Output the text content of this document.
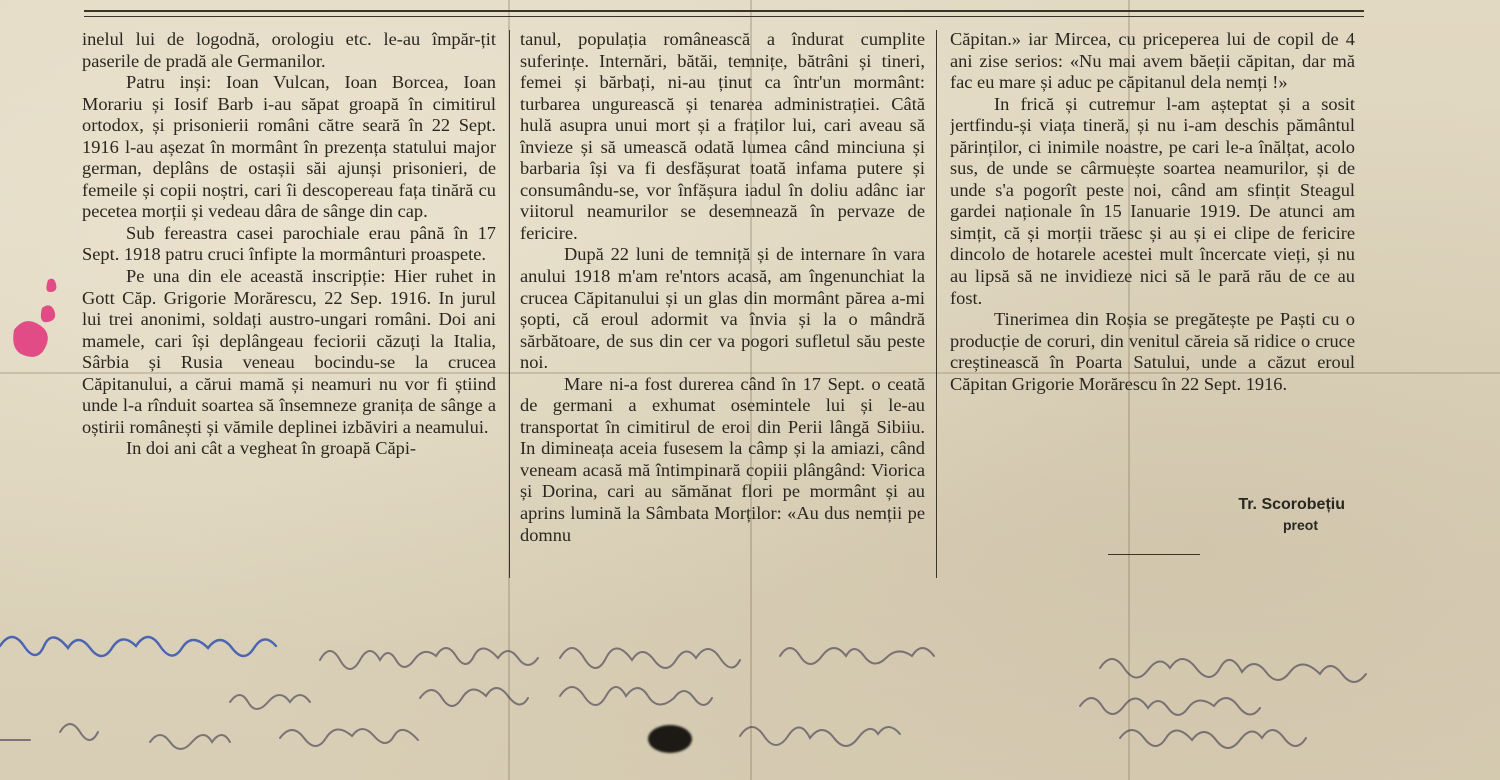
inelul lui de logodnă, orologiu etc. le-au împăr-țit paserile de pradă ale Germanilor.

Patru inși: Ioan Vulcan, Ioan Borcea, Ioan Morariu și Iosif Barb i-au săpat groapă în cimitirul ortodox, și prisonierii români către seară în 22 Sept. 1916 l-au așezat în mormânt în prezența statului major german, deplâns de ostașii săi ajunși prisonieri, de femeile și copii noștri, cari îi descopereau fața tinără cu pecetea morții și vedeau dâra de sânge din cap.

Sub fereastra casei parochiale erau până în 17 Sept. 1918 patru cruci înfipte la mormânturi proaspete.

Pe una din ele această inscripție: Hier ruhet in Gott Căp. Grigorie Morărescu, 22 Sep. 1916. In jurul lui trei anonimi, soldați austro-ungari români. Doi ani mamele, cari își deplângeau feciorii căzuți la Italia, Sârbia și Rusia veneau bocindu-se la crucea Căpitanului, a cărui mamă și neamuri nu vor fi știind unde l-a rînduit soartea să însemneze granița de sânge a oștirii românești și vămile deplinei izbăviri a neamului.

In doi ani cât a vegheat în groapă Căpi-

tanul, populația românească a îndurat cumplite suferințe. Internări, bătăi, temnițe, bătrâni și tineri, femei și bărbați, ni-au ținut ca într'un mormânt: turbarea ungurească și tenarea administrației. Câtă hulă asupra unui mort și a fraților lui, cari aveau să învieze și să umească odată lumea când minciuna și barbaria își va fi desfășurat toată infama putere și consumându-se, vor înfășura iadul în doliu adânc iar viitorul neamurilor se desemnează în pervaze de fericire.

După 22 luni de temniță și de internare în vara anului 1918 m'am re'ntors acasă, am îngenunchiat la crucea Căpitanului și un glas din mormânt părea a-mi șopti, că eroul adormit va învia și la o mândră sărbătoare, de sus din cer va pogori sufletul său peste noi.

Mare ni-a fost durerea când în 17 Sept. o ceată de germani a exhumat osemintele lui și le-au transportat în cimitirul de eroi din Perii lângă Sibiiu. In dimineața aceia fusesem la câmp și la amiazi, când veneam acasă mă întimpinară copiii plângând: Viorica și Dorina, cari au sămănat flori pe mormânt și au aprins lumină la Sâmbata Morților: «Au dus nemții pe domnu

Căpitan.» iar Mircea, cu priceperea lui de copil de 4 ani zise serios: «Nu mai avem băeții căpitan, dar mă fac eu mare și aduc pe căpitanul dela nemți !»

In frică și cutremur l-am așteptat și a sosit jertfindu-și viața tineră, și nu i-am deschis pământul părinților, ci inimile noastre, pe cari le-a înălțat, acolo sus, de unde se cârmuește soartea neamurilor, și de unde s'a pogorît peste noi, când am sfințit Steagul gardei naționale în 15 Ianuarie 1919. De atunci am simțit, că și morții trăesc și au și ei clipe de fericire dincolo de hotarele acestei mult încercate vieți, și nu au lipsă să ne invidieze nici să le pară rău de ce au fost.

Tinerimea din Roșia se pregătește pe Paști cu o producție de coruri, din venitul căreia să ridice o cruce creștinească în Poarta Satului, unde a căzut eroul Căpitan Grigorie Morărescu în 22 Sept. 1916.

Tr. Scorobețiu

preot
